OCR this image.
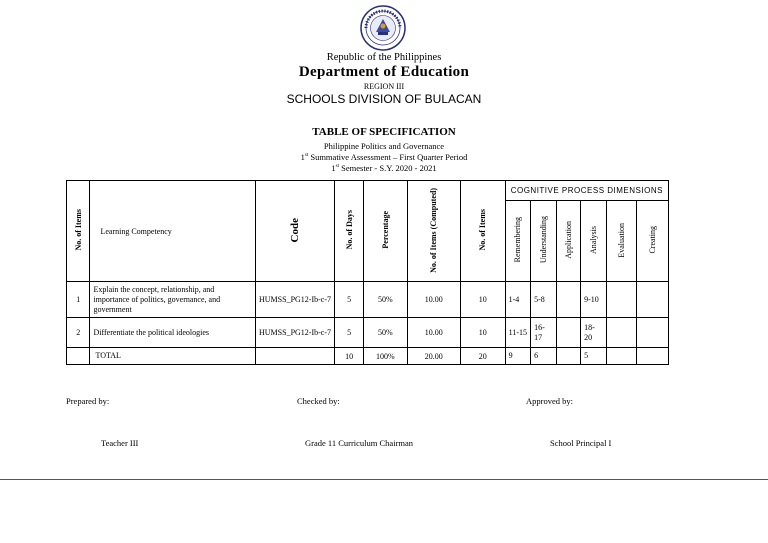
Republic of the Philippines
Department of Education
REGION III
SCHOOLS DIVISION OF BULACAN
TABLE OF SPECIFICATION
Philippine Politics and Governance
1st Summative Assessment – First Quarter Period
1st Semester - S.Y. 2020 - 2021
No. of Items	Learning Competency	Code	No. of Days	Percentage	No. of Items (Computed)	No. of Items	COGNITIVE PROCESS DIMENSIONS					
							Remembering	Understanding	Application	Analysis	Evaluation	Creating
1	Explain the concept, relationship, and importance of politics, governance, and government	HUMSS_PG12-Ib-c-7	5	50%	10.00	10	1-4	5-8		9-10		
2	Differentiate the political ideologies	HUMSS_PG12-Ib-c-7	5	50%	10.00	10	11-15	16-17		18-20		
	TOTAL		10	100%	20.00	20	9	6		5		
Prepared by:	Checked by:	Approved by:
Teacher III	Grade 11 Curriculum Chairman	School Principal I
